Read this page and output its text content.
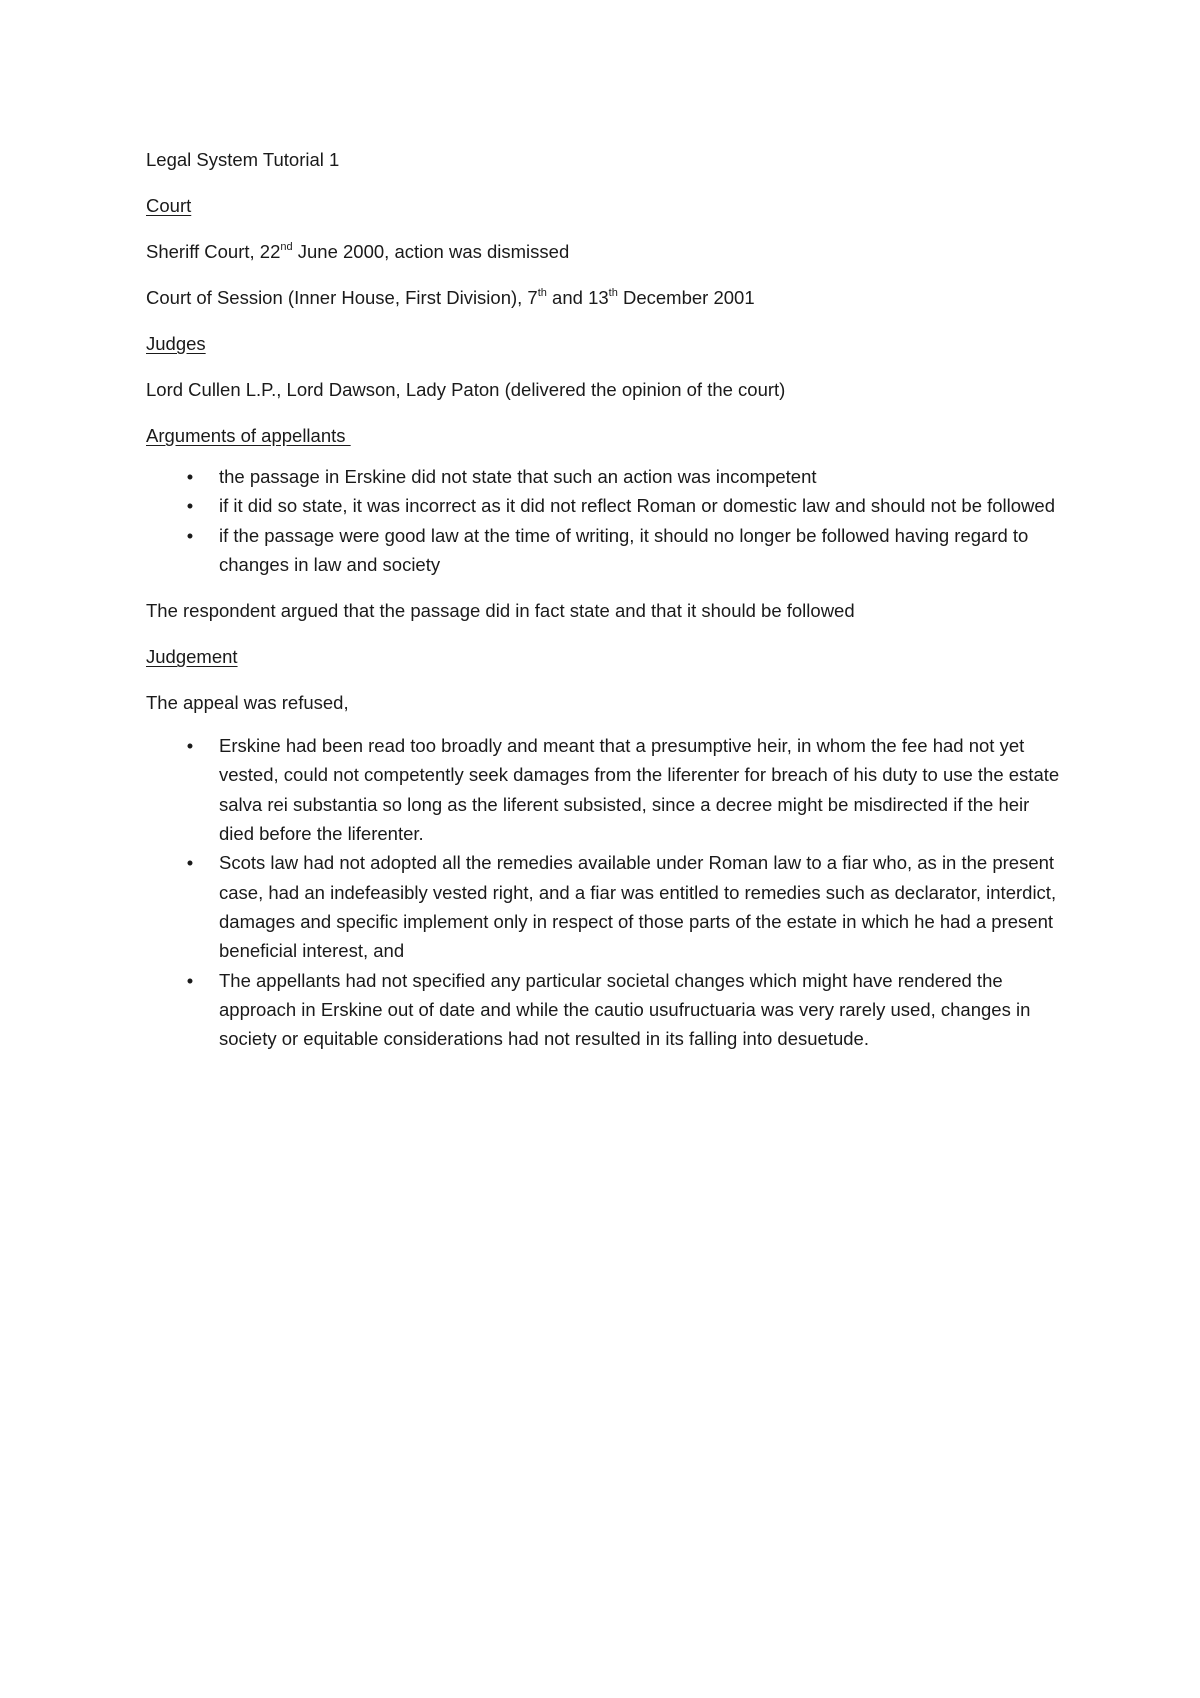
Legal System Tutorial 1
Court
Sheriff Court, 22nd June 2000, action was dismissed
Court of Session (Inner House, First Division), 7th and 13th December 2001
Judges
Lord Cullen L.P., Lord Dawson, Lady Paton (delivered the opinion of the court)
Arguments of appellants
• the passage in Erskine did not state that such an action was incompetent
• if it did so state, it was incorrect as it did not reflect Roman or domestic law and should not be followed
• if the passage were good law at the time of writing, it should no longer be followed having regard to changes in law and society
The respondent argued that the passage did in fact state and that it should be followed
Judgement
The appeal was refused,
• Erskine had been read too broadly and meant that a presumptive heir, in whom the fee had not yet vested, could not competently seek damages from the liferenter for breach of his duty to use the estate salva rei substantia so long as the liferent subsisted, since a decree might be misdirected if the heir died before the liferenter.
• Scots law had not adopted all the remedies available under Roman law to a fiar who, as in the present case, had an indefeasibly vested right, and a fiar was entitled to remedies such as declarator, interdict, damages and specific implement only in respect of those parts of the estate in which he had a present beneficial interest, and
• The appellants had not specified any particular societal changes which might have rendered the approach in Erskine out of date and while the cautio usufructuaria was very rarely used, changes in society or equitable considerations had not resulted in its falling into desuetude.
